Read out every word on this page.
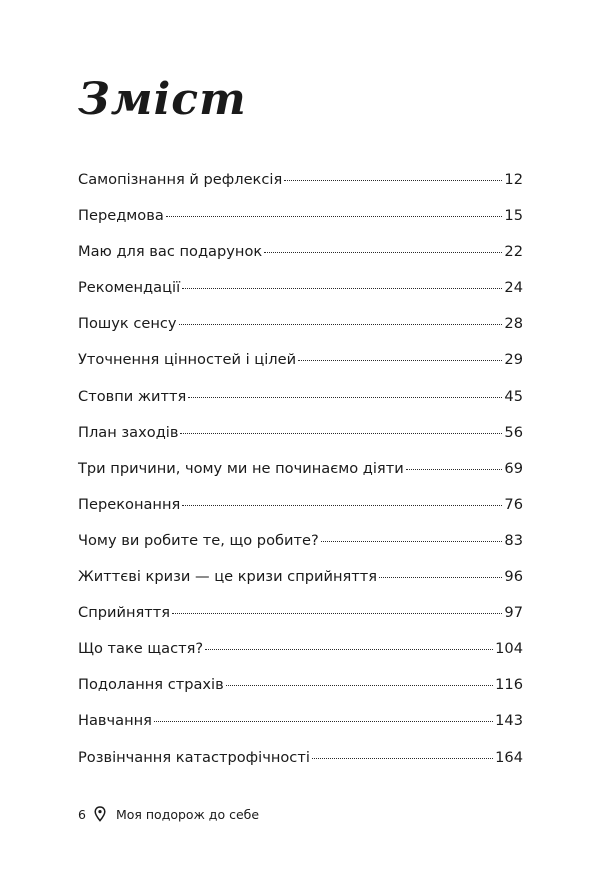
Зміст
Самопізнання й рефлексія	12
Передмова	15
Маю для вас подарунок	22
Рекомендації	24
Пошук сенсу	28
Уточнення цінностей і цілей	29
Стовпи життя	45
План заходів	56
Три причини, чому ми не починаємо діяти	69
Переконання	76
Чому ви робите те, що робите?	83
Життєві кризи — це кризи сприйняття	96
Сприйняття	97
Що таке щастя?	104
Подолання страхів	116
Навчання	143
Розвінчання катастрофічності	164
6 Моя подорож до себе
